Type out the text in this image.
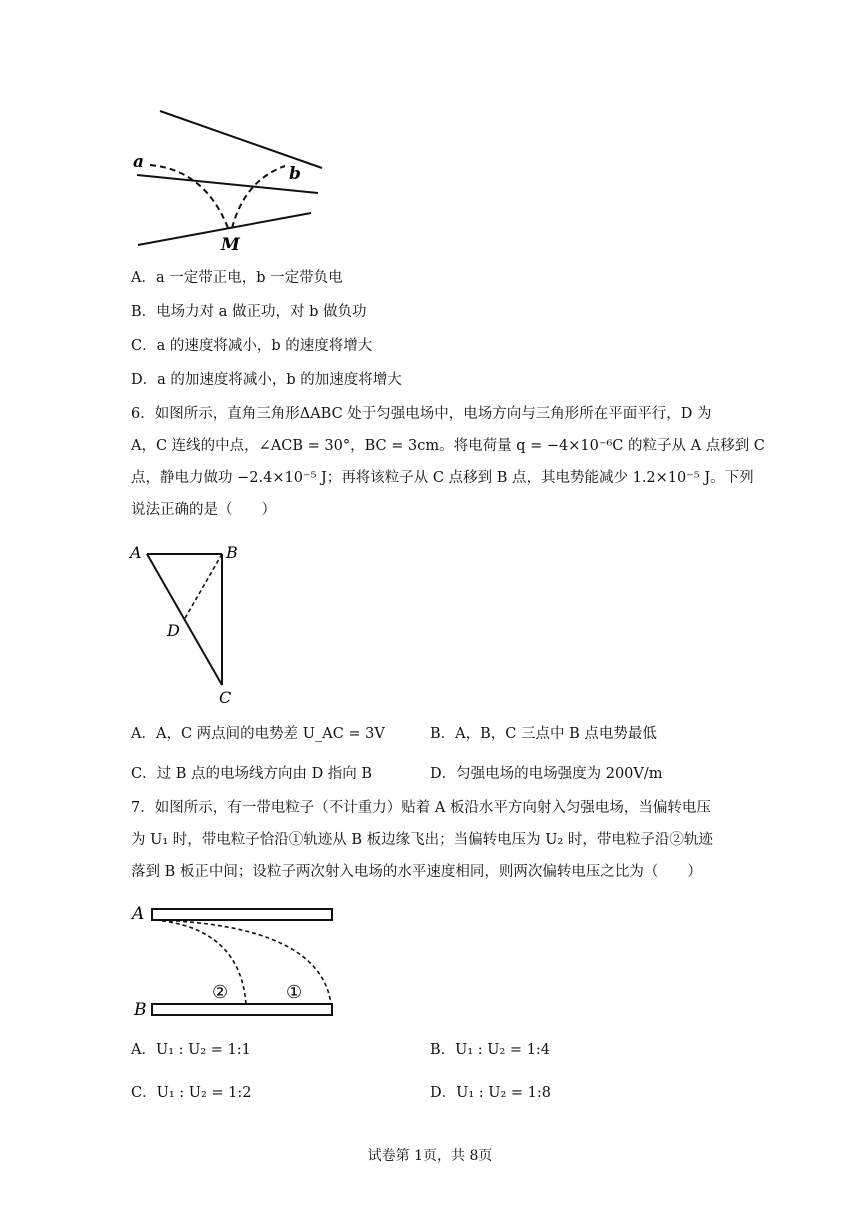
a
b
M
A．a 一定带正电，b 一定带负电
B．电场力对 a 做正功，对 b 做负功
C．a 的速度将减小，b 的速度将增大
D．a 的加速度将减小，b 的加速度将增大
6．如图所示，直角三角形ΔABC 处于匀强电场中，电场方向与三角形所在平面平行，D 为
A，C 连线的中点，∠ACB = 30°，BC = 3cm。将电荷量 q = −4×10⁻⁶C 的粒子从 A 点移到 C
点，静电力做功 −2.4×10⁻⁵ J；再将该粒子从 C 点移到 B 点，其电势能减少 1.2×10⁻⁵ J。下列
说法正确的是（　　）
A	B
C
D
A．A，C 两点间的电势差 U_AC = 3V	B．A，B，C 三点中 B 点电势最低
C．过 B 点的电场线方向由 D 指向 B	D．匀强电场的电场强度为 200V/m
7．如图所示，有一带电粒子（不计重力）贴着 A 板沿水平方向射入匀强电场，当偏转电压
为 U₁ 时，带电粒子恰沿①轨迹从 B 板边缘飞出；当偏转电压为 U₂ 时，带电粒子沿②轨迹
落到 B 板正中间；设粒子两次射入电场的水平速度相同，则两次偏转电压之比为（　　）
A
B
②	①
A．U₁ : U₂ = 1:1	B．U₁ : U₂ = 1:4
C．U₁ : U₂ = 1:2	D．U₁ : U₂ = 1:8
试卷第 1页，共 8页
